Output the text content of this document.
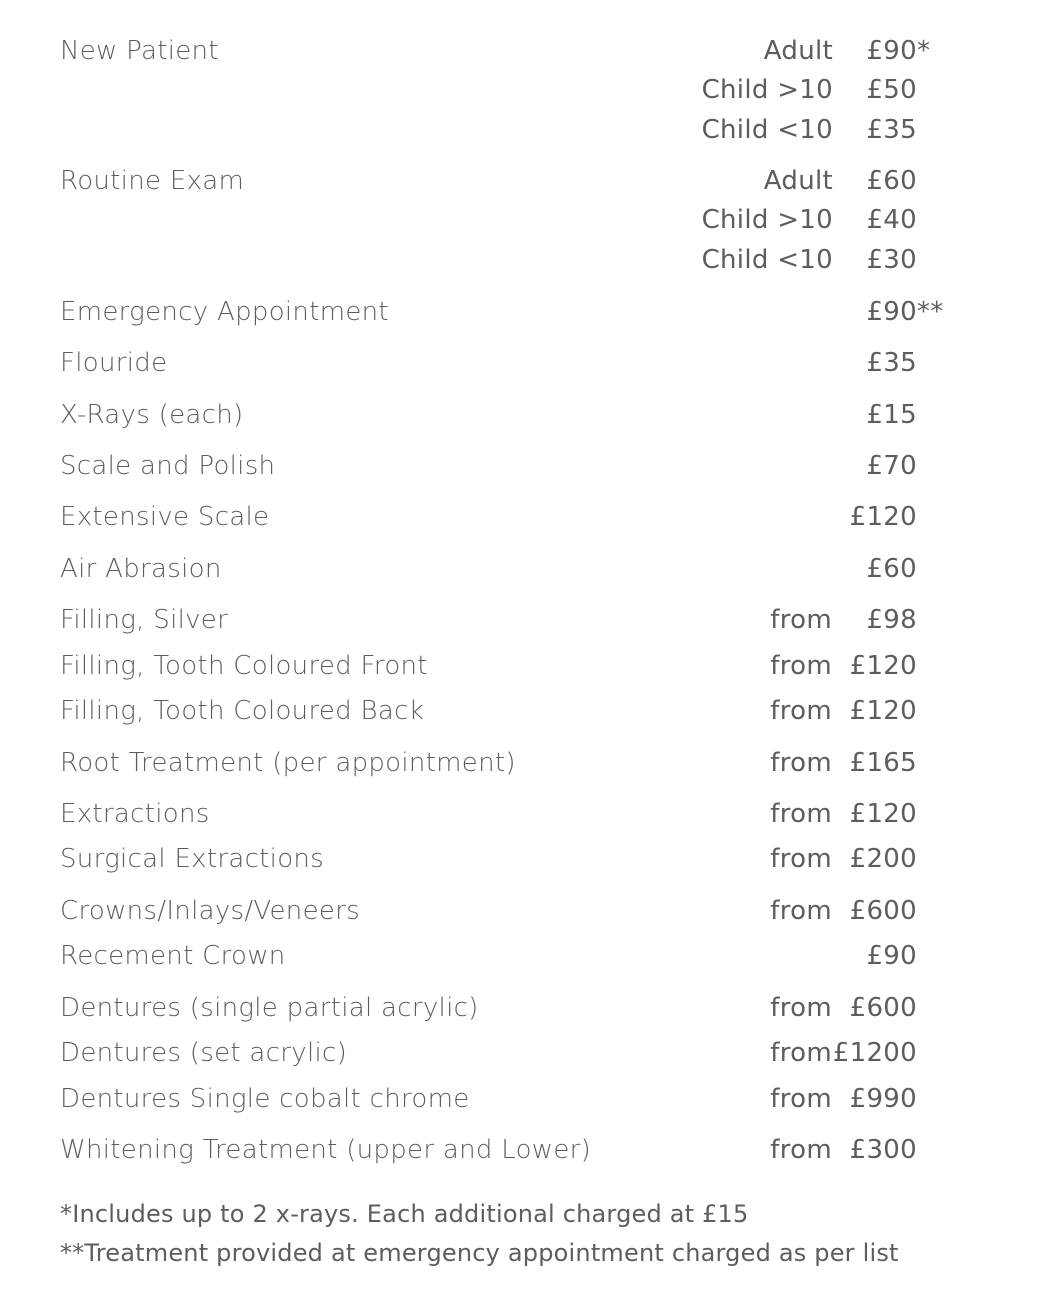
New Patient	Adult £90 *
Child >10 £50
Child <10 £35
Routine Exam	Adult £60
Child >10 £40
Child <10 £30
Emergency Appointment	£90 **
Flouride	£35
X-Rays (each)	£15
Scale and Polish	£70
Extensive Scale	£120
Air Abrasion	£60
Filling, Silver	from £98
Filling, Tooth Coloured Front	from £120
Filling, Tooth Coloured Back	from £120
Root Treatment (per appointment)	from £165
Extractions	from £120
Surgical Extractions	from £200
Crowns/Inlays/Veneers	from £600
Recement Crown	£90
Dentures (single partial acrylic)	from £600
Dentures (set acrylic)	from £1200
Dentures Single cobalt chrome	from £990
Whitening Treatment (upper and Lower)	from £300
*Includes up to 2 x-rays. Each additional charged at £15
**Treatment provided at emergency appointment charged as per list
